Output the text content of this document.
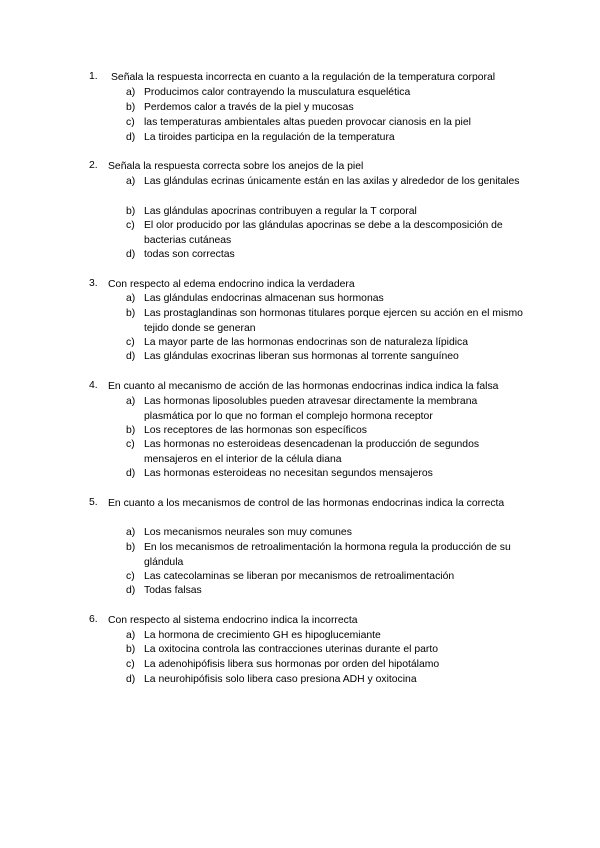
1. Señala la respuesta incorrecta en cuanto a la regulación de la temperatura corporal
a) Producimos calor contrayendo la musculatura esquelética
b) Perdemos calor a través de la piel y mucosas
c) las temperaturas ambientales altas pueden provocar cianosis en la piel
d) La tiroides participa en la regulación de la temperatura
2. Señala la respuesta correcta sobre los anejos de la piel
a) Las glándulas ecrinas únicamente están en las axilas y alrededor de los genitales
b) Las glándulas apocrinas contribuyen a regular la T corporal
c) El olor producido por las glándulas apocrinas se debe a la descomposición de bacterias cutáneas
d) todas son correctas
3. Con respecto al edema endocrino indica la verdadera
a) Las glándulas endocrinas almacenan sus hormonas
b) Las prostaglandinas son hormonas titulares porque ejercen su acción en el mismo tejido donde se generan
c) La mayor parte de las hormonas endocrinas son de naturaleza lípidica
d) Las glándulas exocrinas liberan sus hormonas al torrente sanguíneo
4. En cuanto al mecanismo de acción de las hormonas endocrinas indica indica la falsa
a) Las hormonas liposolubles pueden atravesar directamente la membrana plasmática por lo que no forman el complejo hormona receptor
b) Los receptores de las hormonas son específicos
c) Las hormonas no esteroideas desencadenan la producción de segundos mensajeros en el interior de la célula diana
d) Las hormonas esteroideas no necesitan segundos mensajeros
5. En cuanto a los mecanismos de control de las hormonas endocrinas indica la correcta
a) Los mecanismos neurales son muy comunes
b) En los mecanismos de retroalimentación la hormona regula la producción de su glándula
c) Las catecolaminas se liberan por mecanismos de retroalimentación
d) Todas falsas
6. Con respecto al sistema endocrino indica la incorrecta
a) La hormona de crecimiento GH es hipoglucemiante
b) La oxitocina controla las contracciones uterinas durante el parto
c) La adenohipófisis libera sus hormonas por orden del hipotálamo
d) La neurohipófisis solo libera caso presiona ADH y oxitocina
